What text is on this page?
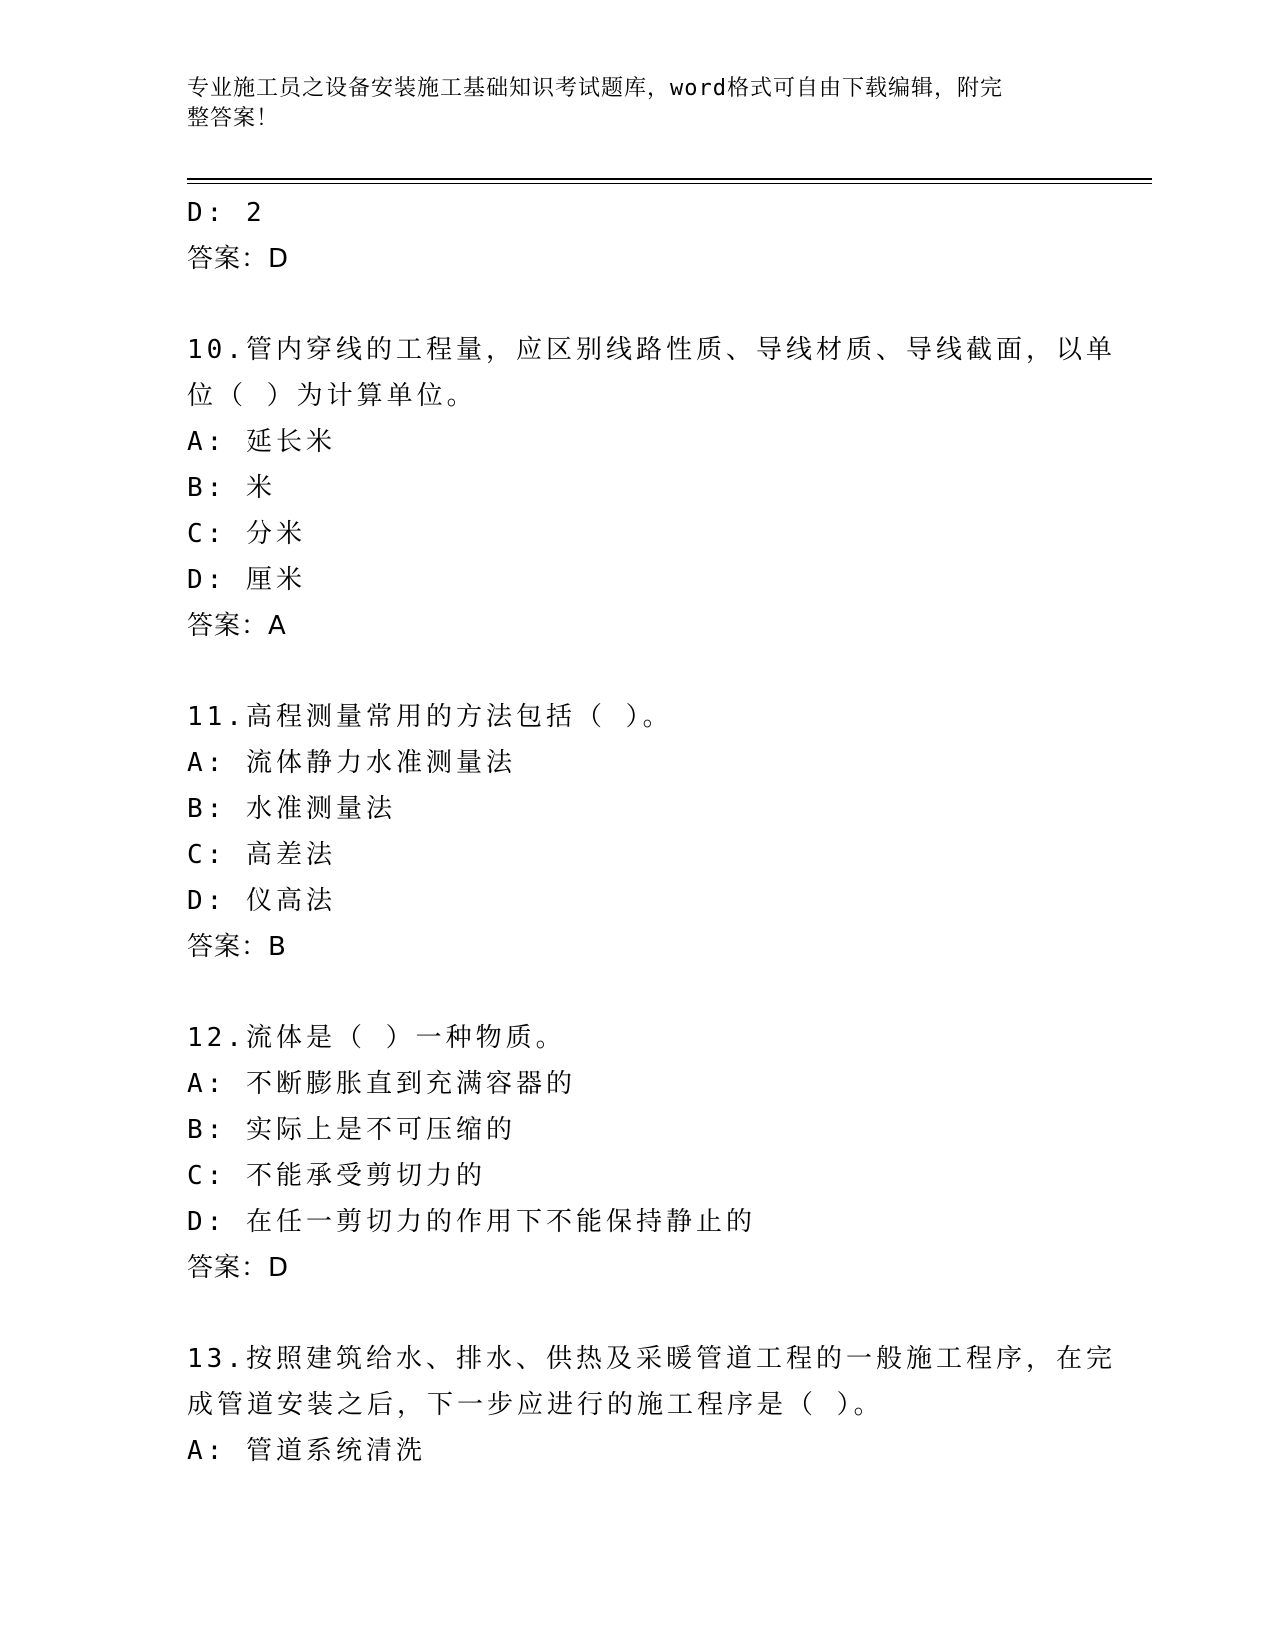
专业施工员之设备安装施工基础知识考试题库，word格式可自由下载编辑，附完
整答案！
D: 2
答案：D
10.管内穿线的工程量，应区别线路性质、导线材质、导线截面，以单
位（ ）为计算单位。
A: 延长米
B: 米
C: 分米
D: 厘米
答案：A
11.高程测量常用的方法包括（ ）。
A: 流体静力水准测量法
B: 水准测量法
C: 高差法
D: 仪高法
答案：B
12.流体是（ ）一种物质。
A: 不断膨胀直到充满容器的
B: 实际上是不可压缩的
C: 不能承受剪切力的
D: 在任一剪切力的作用下不能保持静止的
答案：D
13.按照建筑给水、排水、供热及采暖管道工程的一般施工程序，在完
成管道安装之后，下一步应进行的施工程序是（ ）。
A: 管道系统清洗
